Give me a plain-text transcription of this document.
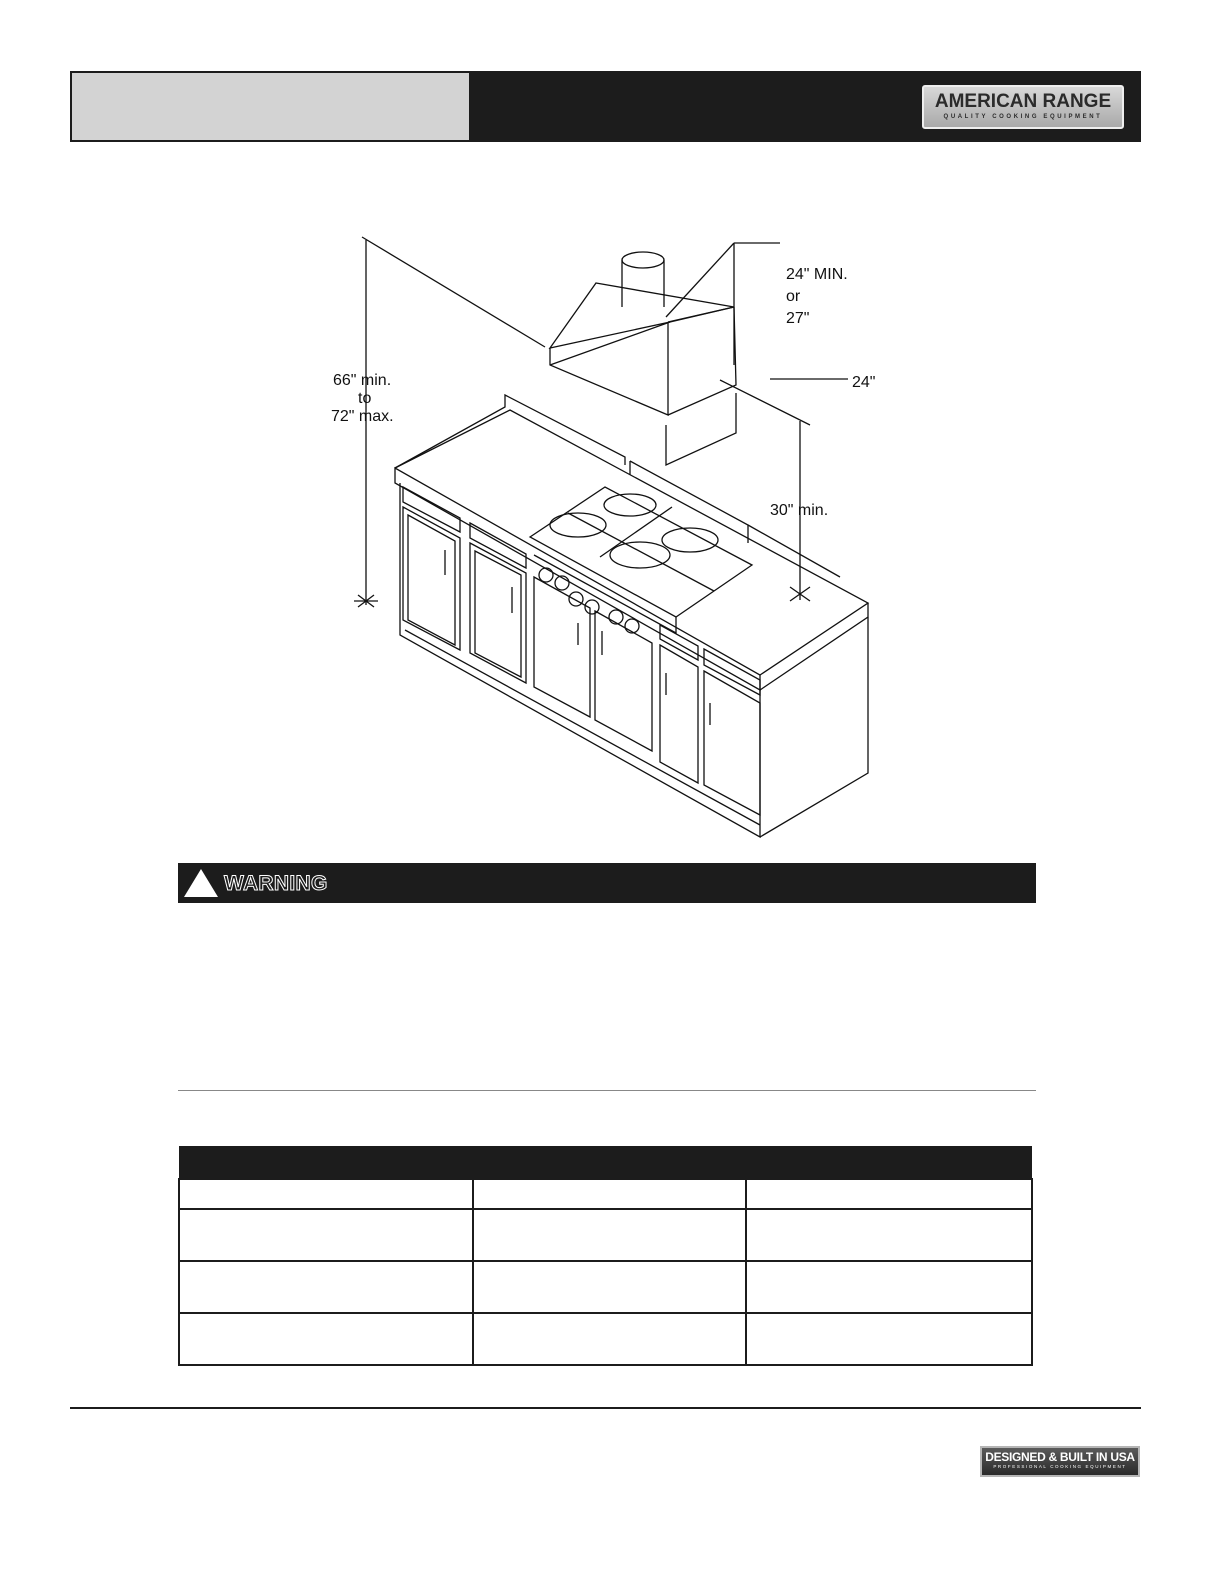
AMERICAN RANGE
QUALITY COOKING EQUIPMENT
66" min.
to
72" max.
24" MIN.
or
27"
24"
30" min.
WARNING

DESIGNED & BUILT IN USA
PROFESSIONAL COOKING EQUIPMENT
